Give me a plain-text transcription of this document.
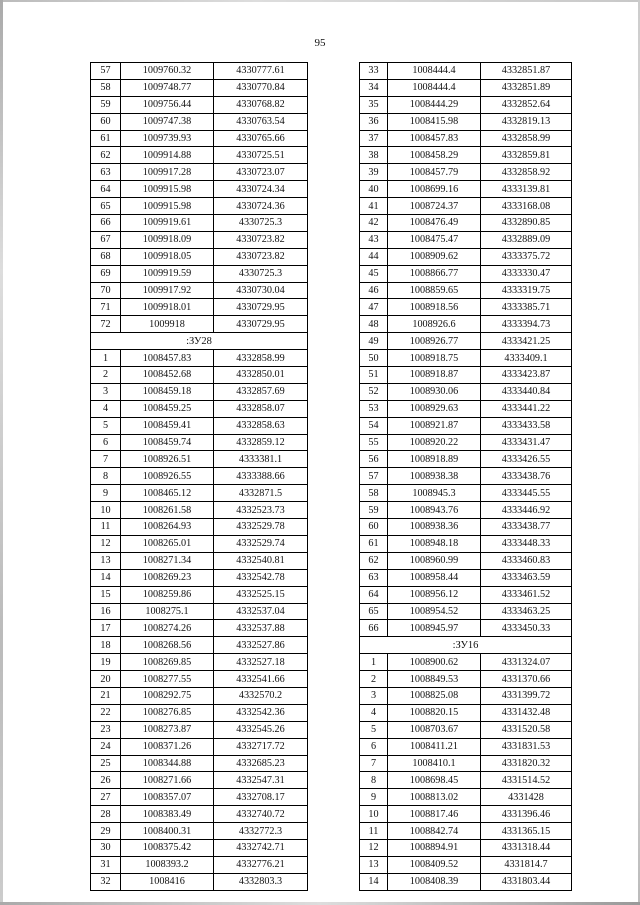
95
57	1009760.32	4330777.61
58	1009748.77	4330770.84
59	1009756.44	4330768.82
60	1009747.38	4330763.54
61	1009739.93	4330765.66
62	1009914.88	4330725.51
63	1009917.28	4330723.07
64	1009915.98	4330724.34
65	1009915.98	4330724.36
66	1009919.61	4330725.3
67	1009918.09	4330723.82
68	1009918.05	4330723.82
69	1009919.59	4330725.3
70	1009917.92	4330730.04
71	1009918.01	4330729.95
72	1009918	4330729.95
:ЗУ28		
1	1008457.83	4332858.99
2	1008452.68	4332850.01
3	1008459.18	4332857.69
4	1008459.25	4332858.07
5	1008459.41	4332858.63
6	1008459.74	4332859.12
7	1008926.51	4333381.1
8	1008926.55	4333388.66
9	1008465.12	4332871.5
10	1008261.58	4332523.73
11	1008264.93	4332529.78
12	1008265.01	4332529.74
13	1008271.34	4332540.81
14	1008269.23	4332542.78
15	1008259.86	4332525.15
16	1008275.1	4332537.04
17	1008274.26	4332537.88
18	1008268.56	4332527.86
19	1008269.85	4332527.18
20	1008277.55	4332541.66
21	1008292.75	4332570.2
22	1008276.85	4332542.36
23	1008273.87	4332545.26
24	1008371.26	4332717.72
25	1008344.88	4332685.23
26	1008271.66	4332547.31
27	1008357.07	4332708.17
28	1008383.49	4332740.72
29	1008400.31	4332772.3
30	1008375.42	4332742.71
31	1008393.2	4332776.21
32	1008416	4332803.3
33	1008444.4	4332851.87
34	1008444.4	4332851.89
35	1008444.29	4332852.64
36	1008415.98	4332819.13
37	1008457.83	4332858.99
38	1008458.29	4332859.81
39	1008457.79	4332858.92
40	1008699.16	4333139.81
41	1008724.37	4333168.08
42	1008476.49	4332890.85
43	1008475.47	4332889.09
44	1008909.62	4333375.72
45	1008866.77	4333330.47
46	1008859.65	4333319.75
47	1008918.56	4333385.71
48	1008926.6	4333394.73
49	1008926.77	4333421.25
50	1008918.75	4333409.1
51	1008918.87	4333423.87
52	1008930.06	4333440.84
53	1008929.63	4333441.22
54	1008921.87	4333433.58
55	1008920.22	4333431.47
56	1008918.89	4333426.55
57	1008938.38	4333438.76
58	1008945.3	4333445.55
59	1008943.76	4333446.92
60	1008938.36	4333438.77
61	1008948.18	4333448.33
62	1008960.99	4333460.83
63	1008958.44	4333463.59
64	1008956.12	4333461.52
65	1008954.52	4333463.25
66	1008945.97	4333450.33
:ЗУ16		
1	1008900.62	4331324.07
2	1008849.53	4331370.66
3	1008825.08	4331399.72
4	1008820.15	4331432.48
5	1008703.67	4331520.58
6	1008411.21	4331831.53
7	1008410.1	4331820.32
8	1008698.45	4331514.52
9	1008813.02	4331428
10	1008817.46	4331396.46
11	1008842.74	4331365.15
12	1008894.91	4331318.44
13	1008409.52	4331814.7
14	1008408.39	4331803.44
